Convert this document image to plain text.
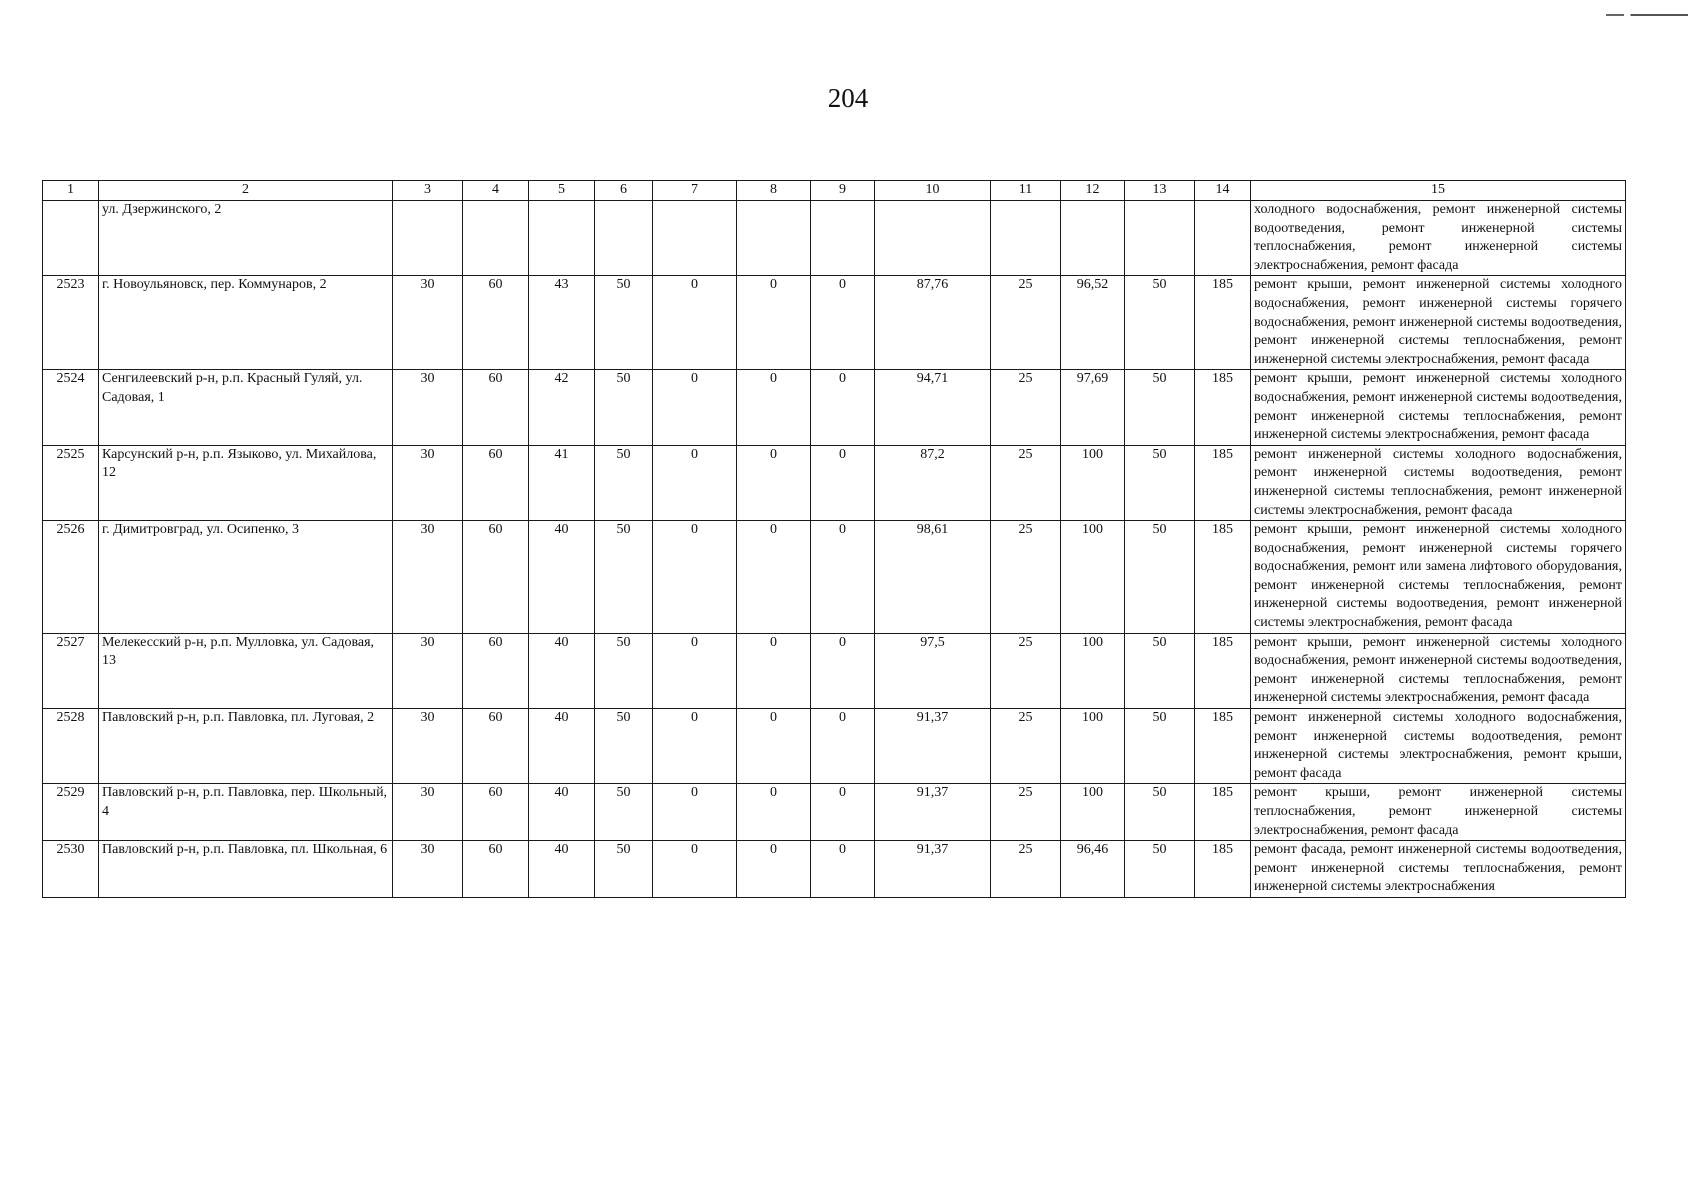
204
1	2	3	4	5	6	7	8	9	10	11	12	13	14	15
	ул. Дзержинского, 2													холодного водоснабжения, ремонт инженерной системы водоотведения, ремонт инженерной системы теплоснабжения, ремонт инженерной системы электроснабжения, ремонт фасада
2523	г. Новоульяновск, пер. Коммунаров, 2	30	60	43	50	0	0	0	87,76	25	96,52	50	185	ремонт крыши, ремонт инженерной системы холодного водоснабжения, ремонт инженерной системы горячего водоснабжения, ремонт инженерной системы водоотведения, ремонт инженерной системы теплоснабжения, ремонт инженерной системы электроснабжения, ремонт фасада
2524	Сенгилеевский р-н, р.п. Красный Гуляй, ул. Садовая, 1	30	60	42	50	0	0	0	94,71	25	97,69	50	185	ремонт крыши, ремонт инженерной системы холодного водоснабжения, ремонт инженерной системы водоотведения, ремонт инженерной системы теплоснабжения, ремонт инженерной системы электроснабжения, ремонт фасада
2525	Карсунский р-н, р.п. Языково, ул. Михайлова, 12	30	60	41	50	0	0	0	87,2	25	100	50	185	ремонт инженерной системы холодного водоснабжения, ремонт инженерной системы водоотведения, ремонт инженерной системы теплоснабжения, ремонт инженерной системы электроснабжения, ремонт фасада
2526	г. Димитровград, ул. Осипенко, 3	30	60	40	50	0	0	0	98,61	25	100	50	185	ремонт крыши, ремонт инженерной системы холодного водоснабжения, ремонт инженерной системы горячего водоснабжения, ремонт или замена лифтового оборудования, ремонт инженерной системы теплоснабжения, ремонт инженерной системы водоотведения, ремонт инженерной системы электроснабжения, ремонт фасада
2527	Мелекесский р-н, р.п. Мулловка, ул. Садовая, 13	30	60	40	50	0	0	0	97,5	25	100	50	185	ремонт крыши, ремонт инженерной системы холодного водоснабжения, ремонт инженерной системы водоотведения, ремонт инженерной системы теплоснабжения, ремонт инженерной системы электроснабжения, ремонт фасада
2528	Павловский р-н, р.п. Павловка, пл. Луговая, 2	30	60	40	50	0	0	0	91,37	25	100	50	185	ремонт инженерной системы холодного водоснабжения, ремонт инженерной системы водоотведения, ремонт инженерной системы электроснабжения, ремонт крыши, ремонт фасада
2529	Павловский р-н, р.п. Павловка, пер. Школьный, 4	30	60	40	50	0	0	0	91,37	25	100	50	185	ремонт крыши, ремонт инженерной системы теплоснабжения, ремонт инженерной системы электроснабжения, ремонт фасада
2530	Павловский р-н, р.п. Павловка, пл. Школьная, 6	30	60	40	50	0	0	0	91,37	25	96,46	50	185	ремонт фасада, ремонт инженерной системы водоотведения, ремонт инженерной системы теплоснабжения, ремонт инженерной системы электроснабжения
